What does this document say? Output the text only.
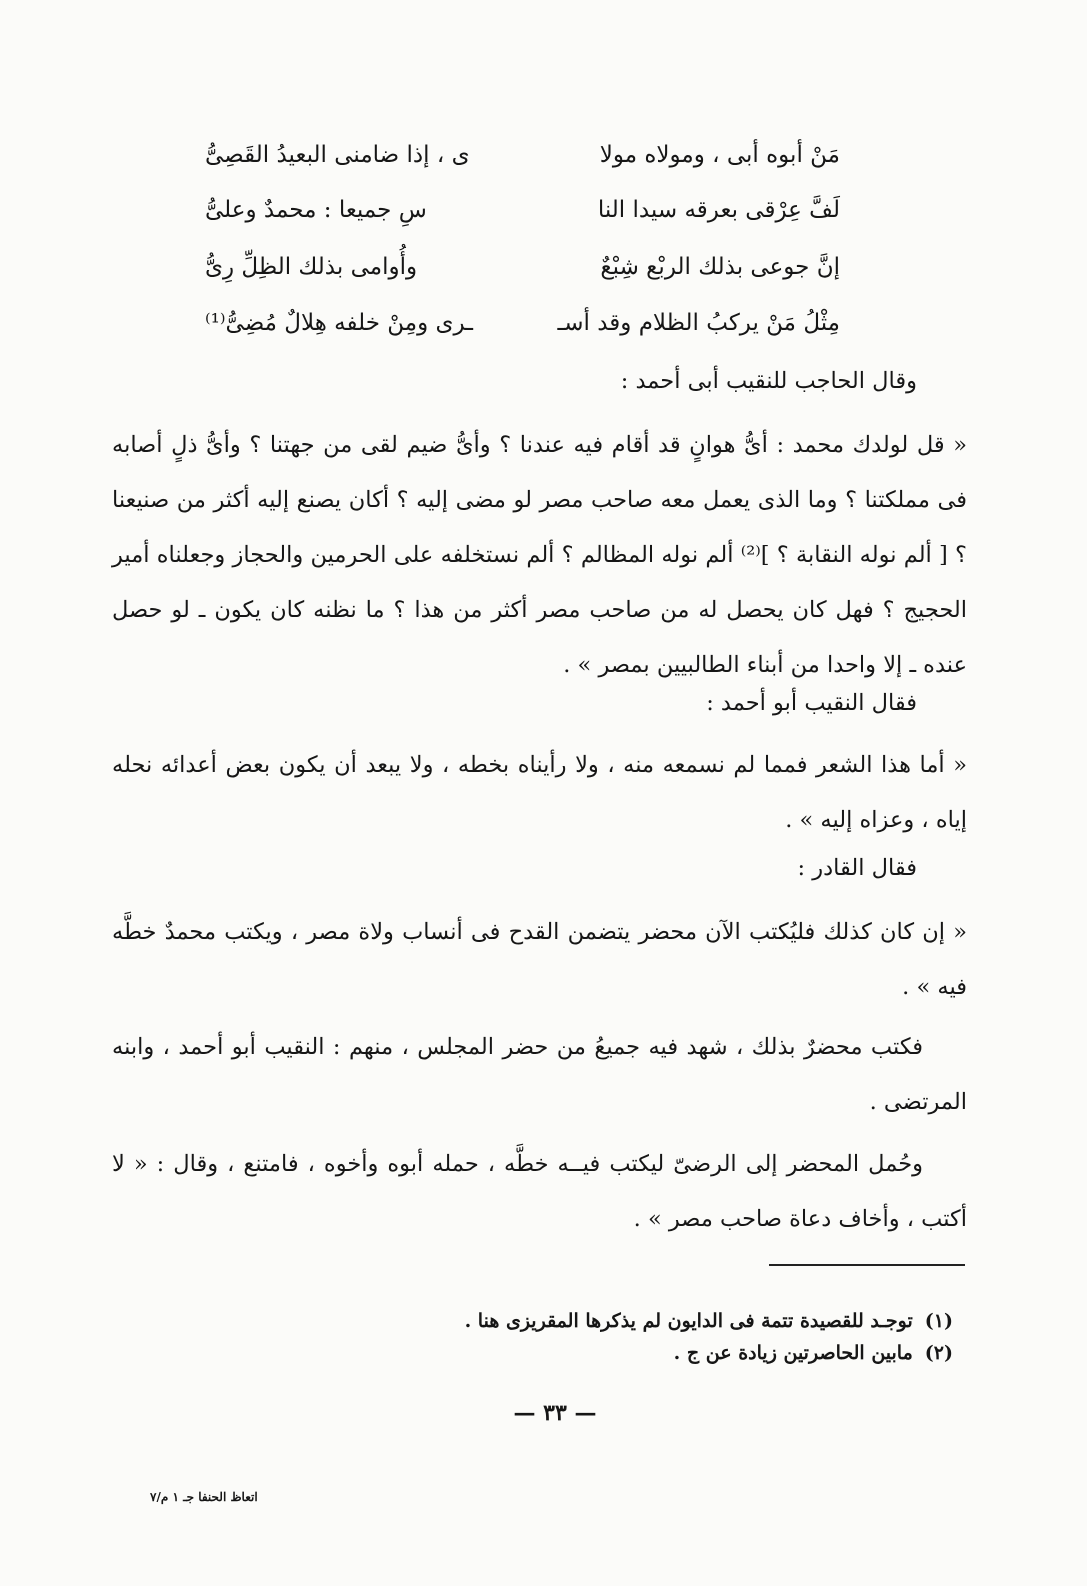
مَنْ أبوه أبى ، ومولاه مولا
ى ، إذا ضامنى البعيدُ القَصِىُّ
لَفَّ عِرْقى بعرقه سيدا النا
سِ جميعا : محمدٌ وعلىُّ
إنَّ جوعى بذلك الربْع شِبْعٌ
وأُوامى بذلك الظِلِّ رِىُّ
مِثْلُ مَنْ يركبُ الظلام وقد أسـ
ـرى ومِنْ خلفه هِلالٌ مُضِىُّ⁽¹⁾
وقال الحاجب للنقيب أبى أحمد :
« قل لولدك محمد : أىُّ هوانٍ قد أقام فيه عندنا ؟ وأىُّ ضيم لقى من جهتنا ؟ وأىُّ ذلٍ أصابه فى مملكتنا ؟ وما الذى يعمل معه صاحب مصر لو مضى إليه ؟ أكان يصنع إليه أكثر من صنيعنا ؟ [ ألم نوله النقابة ؟ ]⁽²⁾ ألم نوله المظالم ؟ ألم نستخلفه على الحرمين والحجاز وجعلناه أمير الحجيج ؟ فهل كان يحصل له من صاحب مصر أكثر من هذا ؟ ما نظنه كان يكون ـ لو حصل عنده ـ إلا واحدا من أبناء الطالبيين بمصر » .
فقال النقيب أبو أحمد :
« أما هذا الشعر فمما لم نسمعه منه ، ولا رأيناه بخطه ، ولا يبعد أن يكون بعض أعدائه نحله إياه ، وعزاه إليه » .
فقال القادر :
« إن كان كذلك فليُكتب الآن محضر يتضمن القدح فى أنساب ولاة مصر ، ويكتب محمدٌ خطَّه فيه » .
فكتب محضرٌ بذلك ، شهد فيه جميعُ من حضر المجلس ، منهم : النقيب أبو أحمد ، وابنه المرتضى .
وحُمل المحضر إلى الرضىّ ليكتب فيــه خطَّه ، حمله أبوه وأخوه ، فامتنع ، وقال : « لا أكتب ، وأخاف دعاة صاحب مصر » .
(١)توجـد للقصيدة تتمة فى الدايون لم يذكرها المقريزى هنا .
(٢)مابين الحاصرتين زيادة عن ج .
— ٣٣ —
اتعاظ الحنفا جـ ١ م/٧
